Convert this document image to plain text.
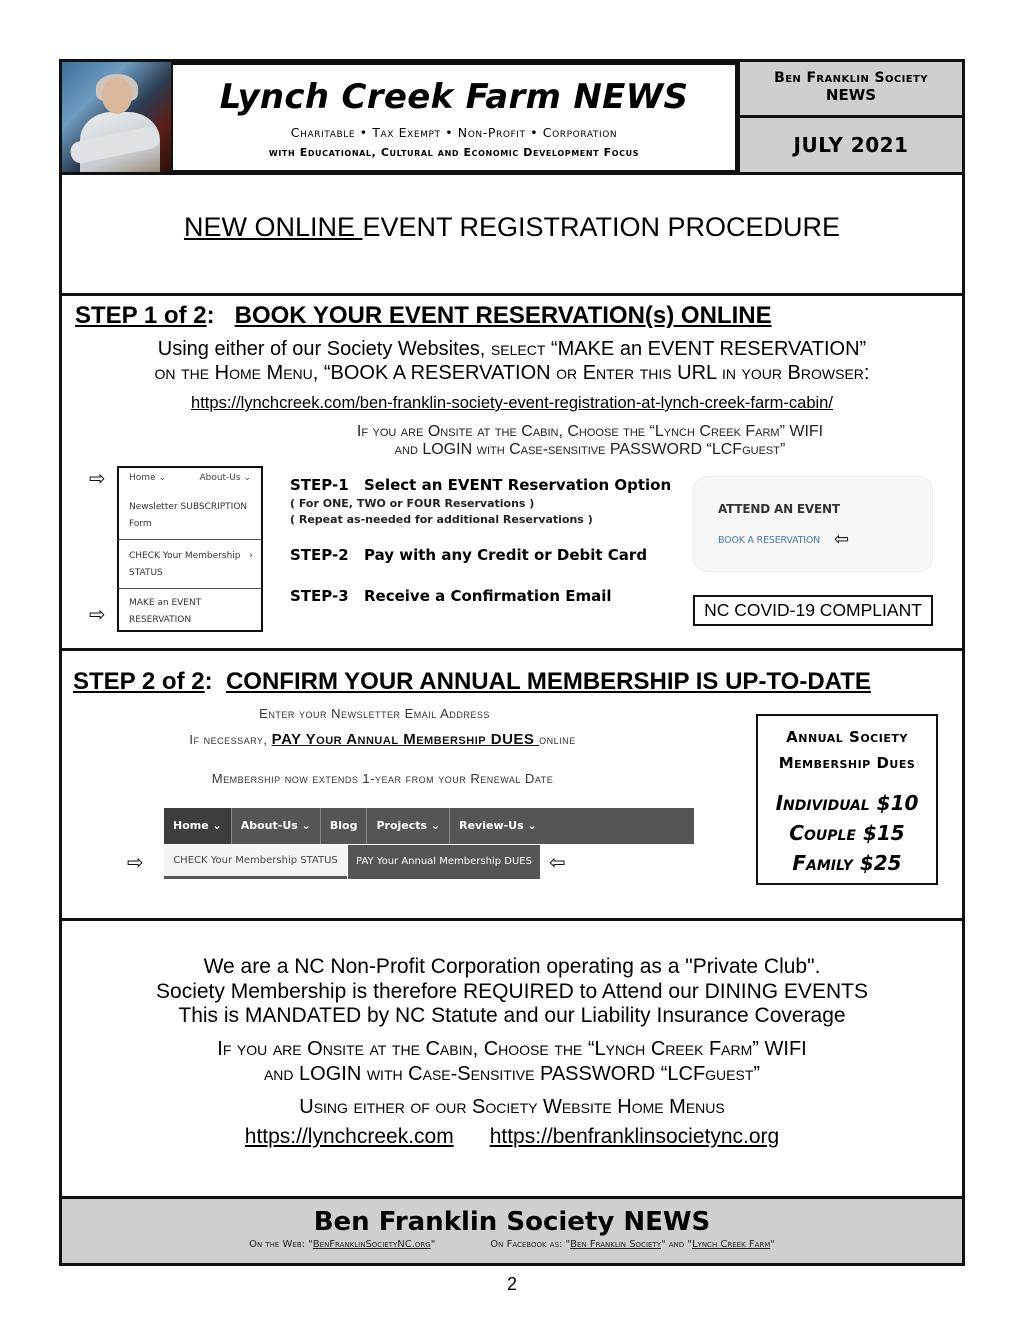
Lynch Creek Farm NEWS
Charitable • Tax Exempt • Non-Profit • Corporation
with Educational, Cultural and Economic Development Focus
Ben Franklin Society
NEWS
JULY 2021
NEW ONLINE EVENT REGISTRATION PROCEDURE
STEP 1 of 2: BOOK YOUR EVENT RESERVATION(s) ONLINE
Using either of our Society Websites, select “MAKE an EVENT RESERVATION”
on the Home Menu, “BOOK A RESERVATION or Enter this URL in your Browser:
https://lynchcreek.com/ben-franklin-society-event-registration-at-lynch-creek-farm-cabin/
If you are Onsite at the Cabin, Choose the “Lynch Creek Farm” WIFI
and LOGIN with Case-sensitive PASSWORD “LCFguest”
⇨
⇨
Home ⌄	About-Us ⌄
Newsletter SUBSCRIPTION
Form
CHECK Your Membership
STATUS
›
MAKE an EVENT RESERVATION
STEP-1 Select an EVENT Reservation Option
( For ONE, TWO or FOUR Reservations )
( Repeat as-needed for additional Reservations )
STEP-2 Pay with any Credit or Debit Card
STEP-3 Receive a Confirmation Email
ATTEND AN EVENT
BOOK A RESERVATION ⇦
NC COVID-19 COMPLIANT
STEP 2 of 2: CONFIRM YOUR ANNUAL MEMBERSHIP IS UP-TO-DATE
Enter your Newsletter Email Address
If necessary, PAY Your Annual Membership DUES online
Membership now extends 1-year from your Renewal Date
⇨
Home ⌄	About-Us ⌄	Blog	Projects ⌄	Review-Us ⌄
CHECK Your Membership STATUS	PAY Your Annual Membership DUES ⇦
Annual Society
Membership Dues
Individual $10
Couple $15
Family $25
We are a NC Non-Profit Corporation operating as a "Private Club".
Society Membership is therefore REQUIRED to Attend our DINING EVENTS
This is MANDATED by NC Statute and our Liability Insurance Coverage
If you are Onsite at the Cabin, Choose the “Lynch Creek Farm” WIFI
and LOGIN with Case-Sensitive PASSWORD “LCFguest”
Using either of our Society Website Home Menus
https://lynchcreek.com https://benfranklinsocietync.org
Ben Franklin Society NEWS
On the Web: "BenFranklinSocietyNC.org"	On Facebook as: "Ben Franklin Society" and "Lynch Creek Farm"
2
